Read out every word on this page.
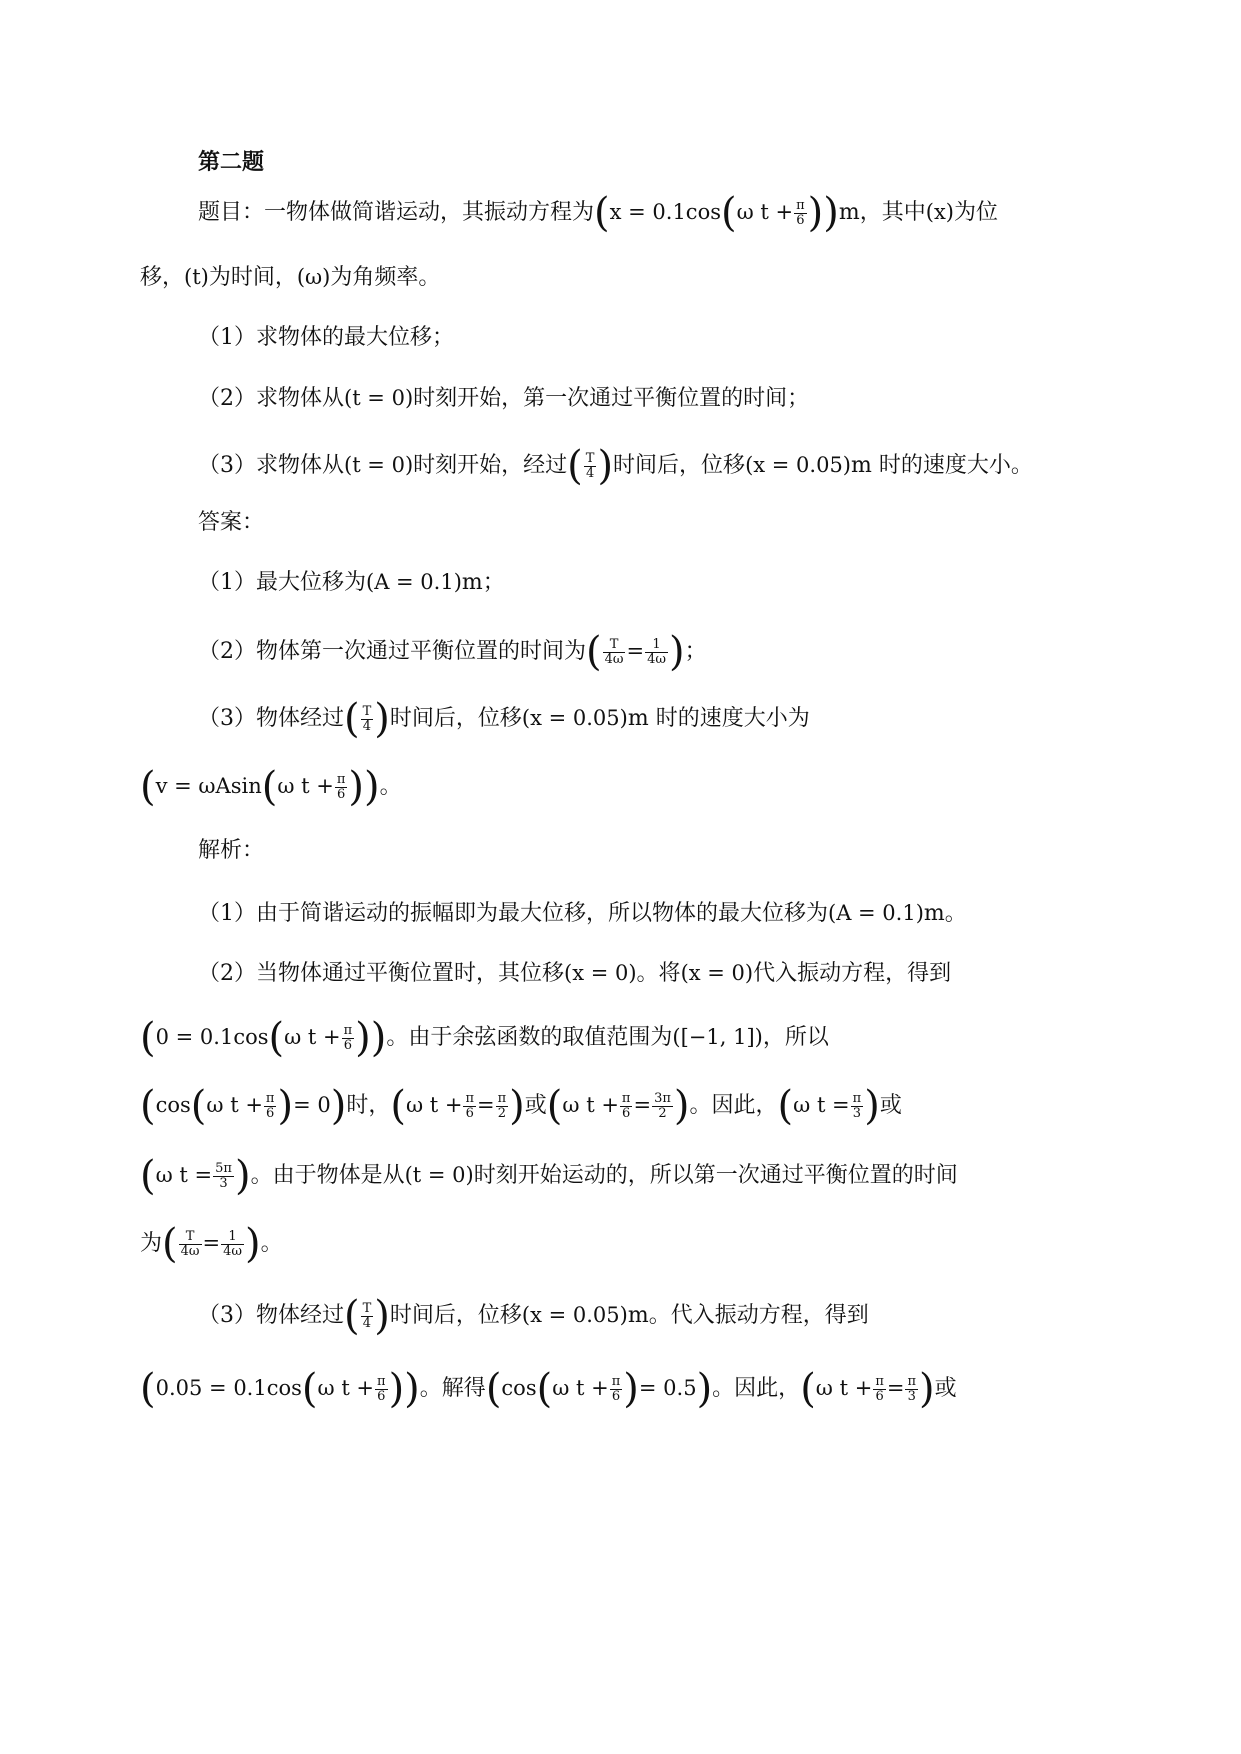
第二题
题目：一物体做简谐运动，其振动方程为(x = 0.1cos(ω $t + \frac{\pi}{6} ))m$，其中(x)为位
移，(t)为时间，(ω)为角频率。
（1）求物体的最大位移；
（2）求物体从(t = 0)时刻开始，第一次通过平衡位置的时间；
（3）求物体从(t = 0)时刻开始，经过( $\frac{T}{4}$ )时间后，位移(x = 0.05)m 时的速度大小。
答案：
（1）最大位移为(A = 0.1)m；
（2）物体第一次通过平衡位置的时间为( $\frac{T}{4\omega} = \frac{1}{4\omega}$ )；
（3）物体经过( $\frac{T}{4}$ )时间后，位移(x = 0.05)m 时的速度大小为
(v = ωAsin(ω $t + \frac{\pi}{6}$ ))。
解析：
（1）由于简谐运动的振幅即为最大位移，所以物体的最大位移为(A = 0.1)m。
（2）当物体通过平衡位置时，其位移(x = 0)。将(x = 0)代入振动方程，得到
(0 = 0.1cos(ω $t + \frac{\pi}{6}$ ))。由于余弦函数的取值范围为([−1, 1])，所以
(cos(ω $t + \frac{\pi}{6}$ )= 0)时，(ω $t + \frac{\pi}{6} = \frac{\pi}{2}$ )或(ω $t + \frac{\pi}{6} = \frac{3\pi}{2}$ )。因此，(ω $t = \frac{\pi}{3}$ )或
(ω $t = \frac{5\pi}{3}$ )。由于物体是从(t = 0)时刻开始运动的，所以第一次通过平衡位置的时间
为( $\frac{T}{4\omega} = \frac{1}{4\omega}$ )。
（3）物体经过( $\frac{T}{4}$ )时间后，位移(x = 0.05)m。代入振动方程，得到
(0.05 = 0.1cos(ω $t + \frac{\pi}{6}$ ))。解得(cos(ω $t + \frac{\pi}{6}$ )= 0.5)。因此，(ω $t + \frac{\pi}{6} = \frac{\pi}{3}$ )或
